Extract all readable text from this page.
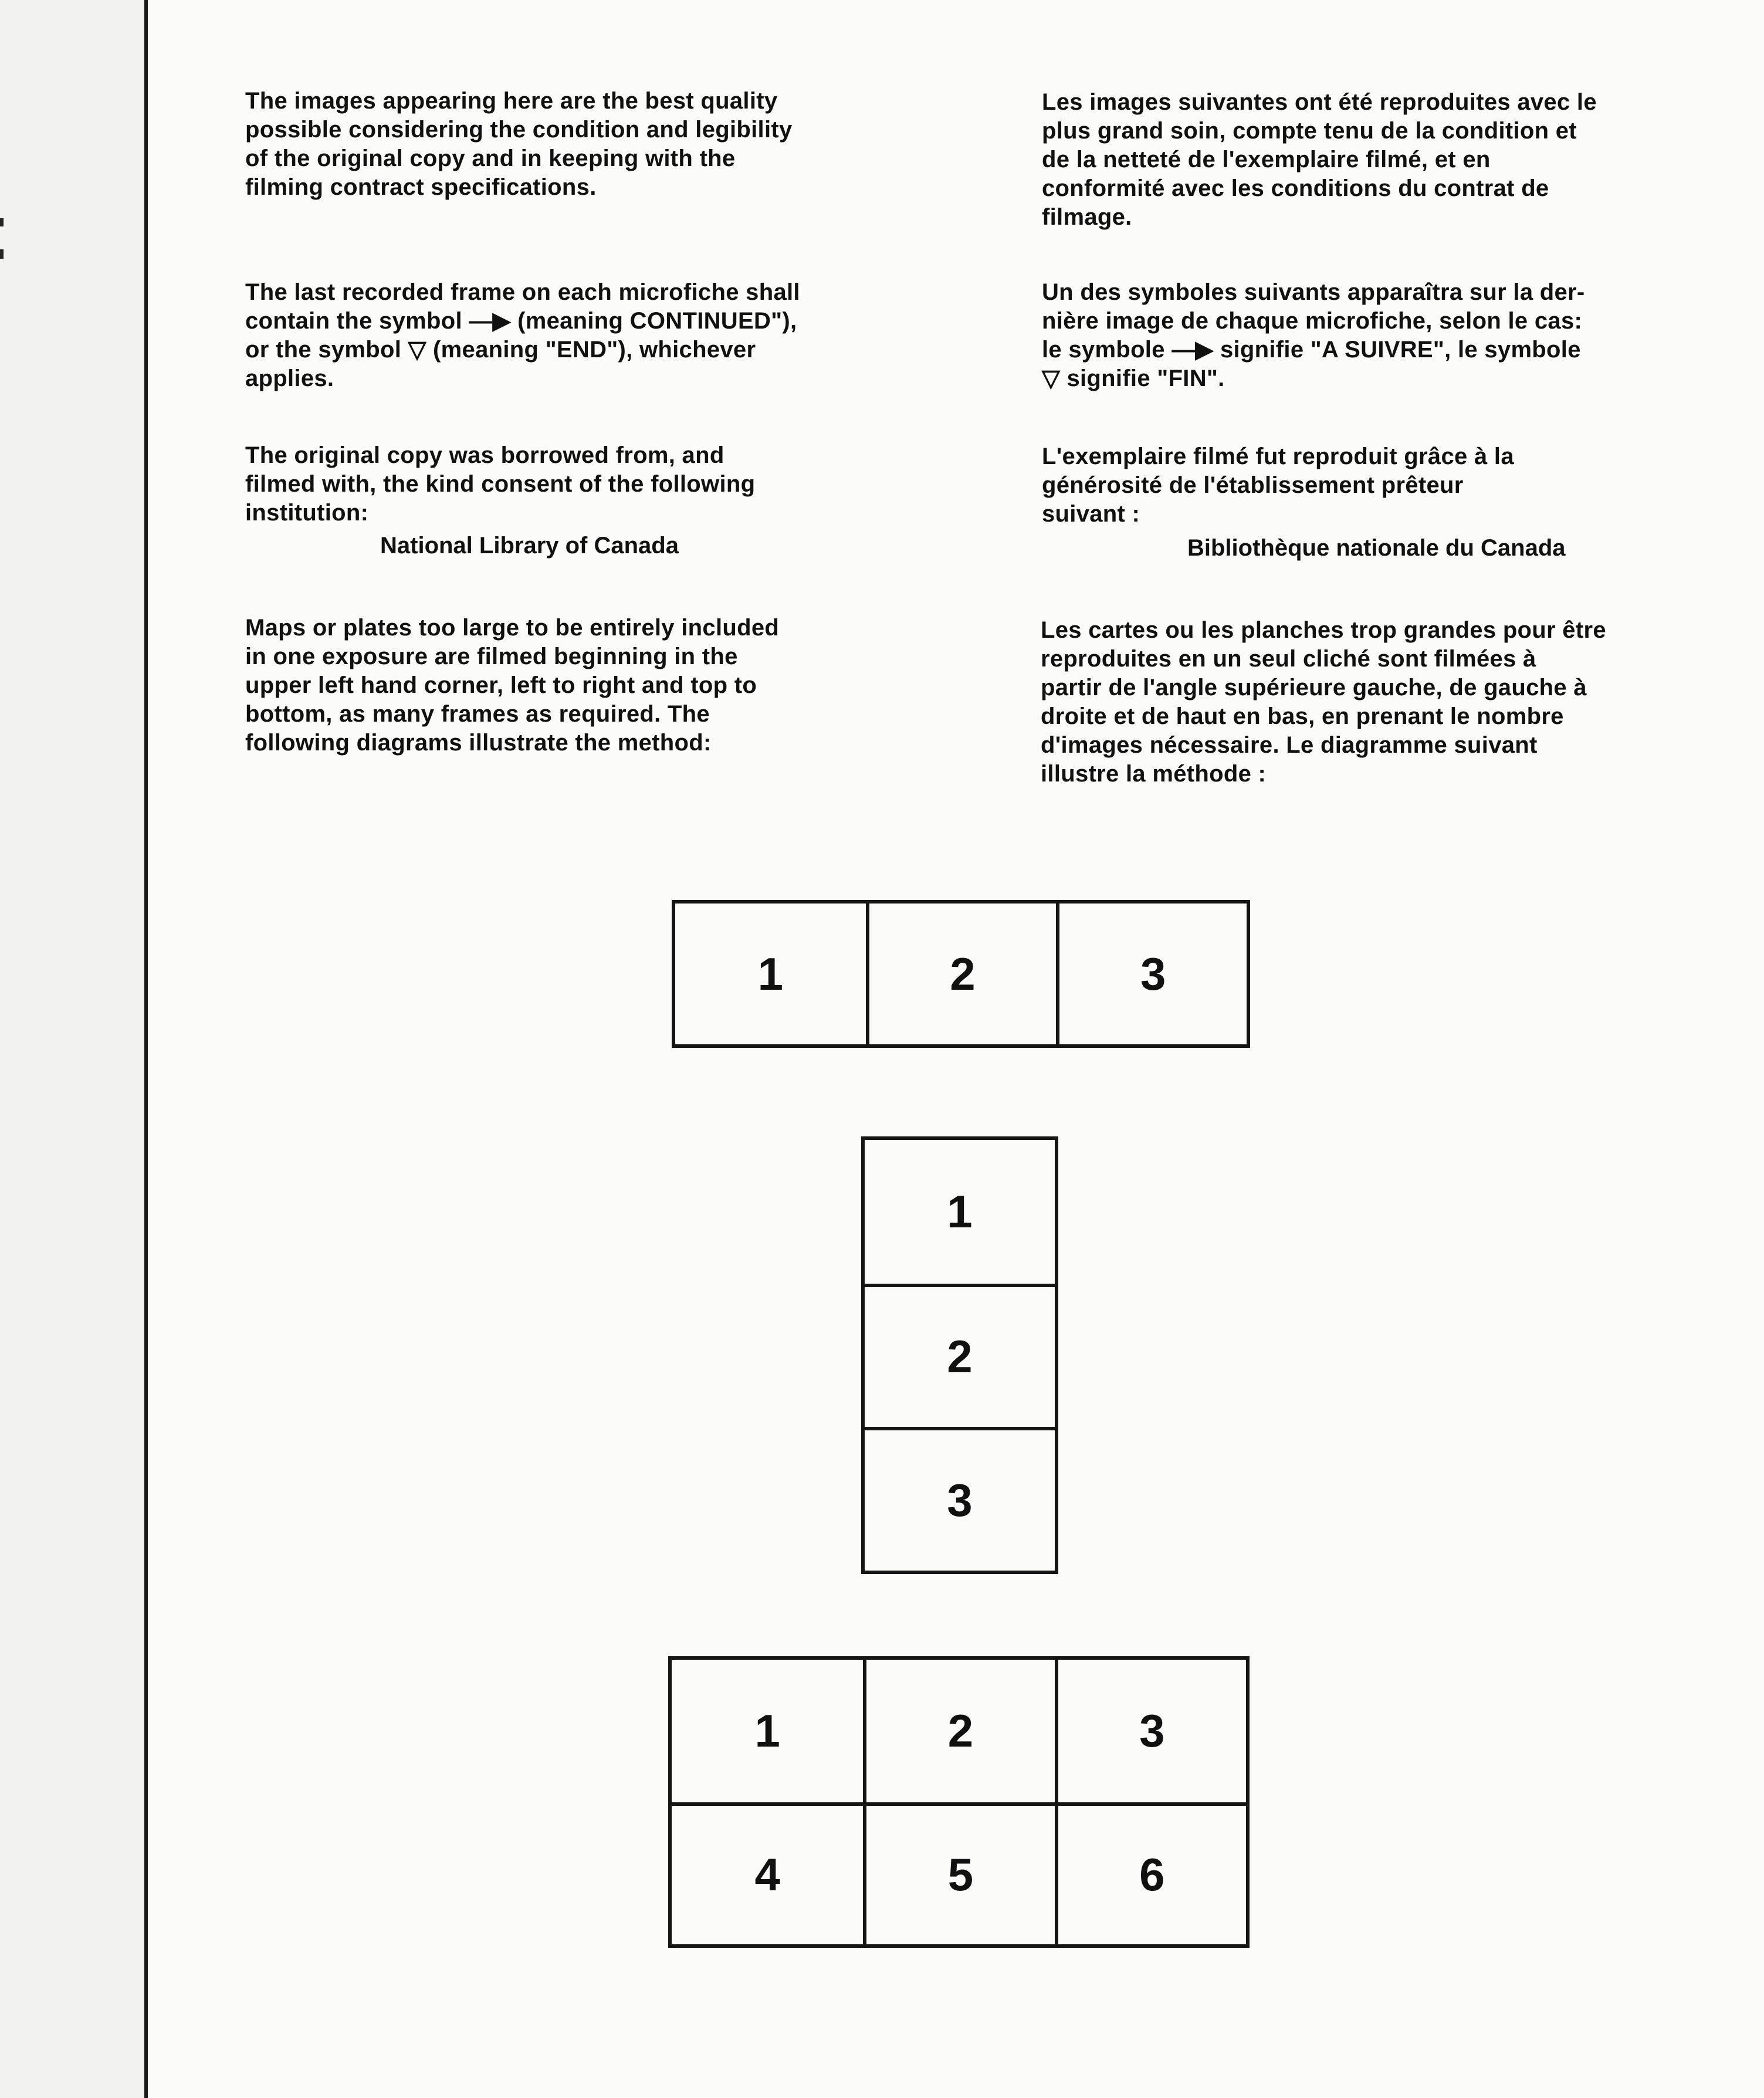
The images appearing here are the best quality
possible considering the condition and legibility
of the original copy and in keeping with the
filming contract specifications.
The last recorded frame on each microfiche shall
contain the symbol —▶ (meaning CONTINUED"),
or the symbol ▽ (meaning "END"), whichever
applies.
The original copy was borrowed from, and
filmed with, the kind consent of the following
institution:
National Library of Canada
Maps or plates too large to be entirely included
in one exposure are filmed beginning in the
upper left hand corner, left to right and top to
bottom, as many frames as required. The
following diagrams illustrate the method:
Les images suivantes ont été reproduites avec le
plus grand soin, compte tenu de la condition et
de la netteté de l'exemplaire filmé, et en
conformité avec les conditions du contrat de
filmage.
Un des symboles suivants apparaîtra sur la der-
nière image de chaque microfiche, selon le cas:
le symbole —▶ signifie "A SUIVRE", le symbole
▽ signifie "FIN".
L'exemplaire filmé fut reproduit grâce à la
générosité de l'établissement prêteur
suivant :
Bibliothèque nationale du Canada
Les cartes ou les planches trop grandes pour être
reproduites en un seul cliché sont filmées à
partir de l'angle supérieure gauche, de gauche à
droite et de haut en bas, en prenant le nombre
d'images nécessaire. Le diagramme suivant
illustre la méthode :
1	2	3
1
2
3
1	2	3
4	5	6
